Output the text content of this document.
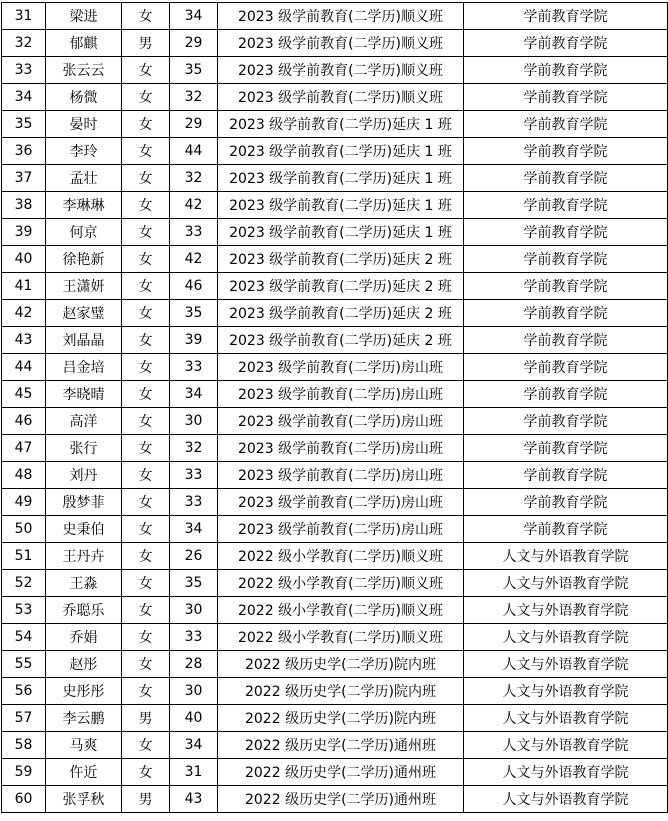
31	梁进	女	34	2023 级学前教育(二学历)顺义班	学前教育学院
32	郁麒	男	29	2023 级学前教育(二学历)顺义班	学前教育学院
33	张云云	女	35	2023 级学前教育(二学历)顺义班	学前教育学院
34	杨微	女	32	2023 级学前教育(二学历)顺义班	学前教育学院
35	晏时	女	29	2023 级学前教育(二学历)延庆 1 班	学前教育学院
36	李玲	女	44	2023 级学前教育(二学历)延庆 1 班	学前教育学院
37	孟壮	女	32	2023 级学前教育(二学历)延庆 1 班	学前教育学院
38	李琳琳	女	42	2023 级学前教育(二学历)延庆 1 班	学前教育学院
39	何京	女	33	2023 级学前教育(二学历)延庆 1 班	学前教育学院
40	徐艳新	女	42	2023 级学前教育(二学历)延庆 2 班	学前教育学院
41	王潇妍	女	46	2023 级学前教育(二学历)延庆 2 班	学前教育学院
42	赵家璧	女	35	2023 级学前教育(二学历)延庆 2 班	学前教育学院
43	刘晶晶	女	39	2023 级学前教育(二学历)延庆 2 班	学前教育学院
44	吕金培	女	33	2023 级学前教育(二学历)房山班	学前教育学院
45	李晓晴	女	34	2023 级学前教育(二学历)房山班	学前教育学院
46	高洋	女	30	2023 级学前教育(二学历)房山班	学前教育学院
47	张行	女	32	2023 级学前教育(二学历)房山班	学前教育学院
48	刘丹	女	33	2023 级学前教育(二学历)房山班	学前教育学院
49	殷梦菲	女	33	2023 级学前教育(二学历)房山班	学前教育学院
50	史秉伯	女	34	2023 级学前教育(二学历)房山班	学前教育学院
51	王丹卉	女	26	2022 级小学教育(二学历)顺义班	人文与外语教育学院
52	王淼	女	35	2022 级小学教育(二学历)顺义班	人文与外语教育学院
53	乔聪乐	女	30	2022 级小学教育(二学历)顺义班	人文与外语教育学院
54	乔娟	女	33	2022 级小学教育(二学历)顺义班	人文与外语教育学院
55	赵彤	女	28	2022 级历史学(二学历)院内班	人文与外语教育学院
56	史彤彤	女	30	2022 级历史学(二学历)院内班	人文与外语教育学院
57	李云鹏	男	40	2022 级历史学(二学历)院内班	人文与外语教育学院
58	马爽	女	34	2022 级历史学(二学历)通州班	人文与外语教育学院
59	仵近	女	31	2022 级历史学(二学历)通州班	人文与外语教育学院
60	张孚秋	男	43	2022 级历史学(二学历)通州班	人文与外语教育学院
